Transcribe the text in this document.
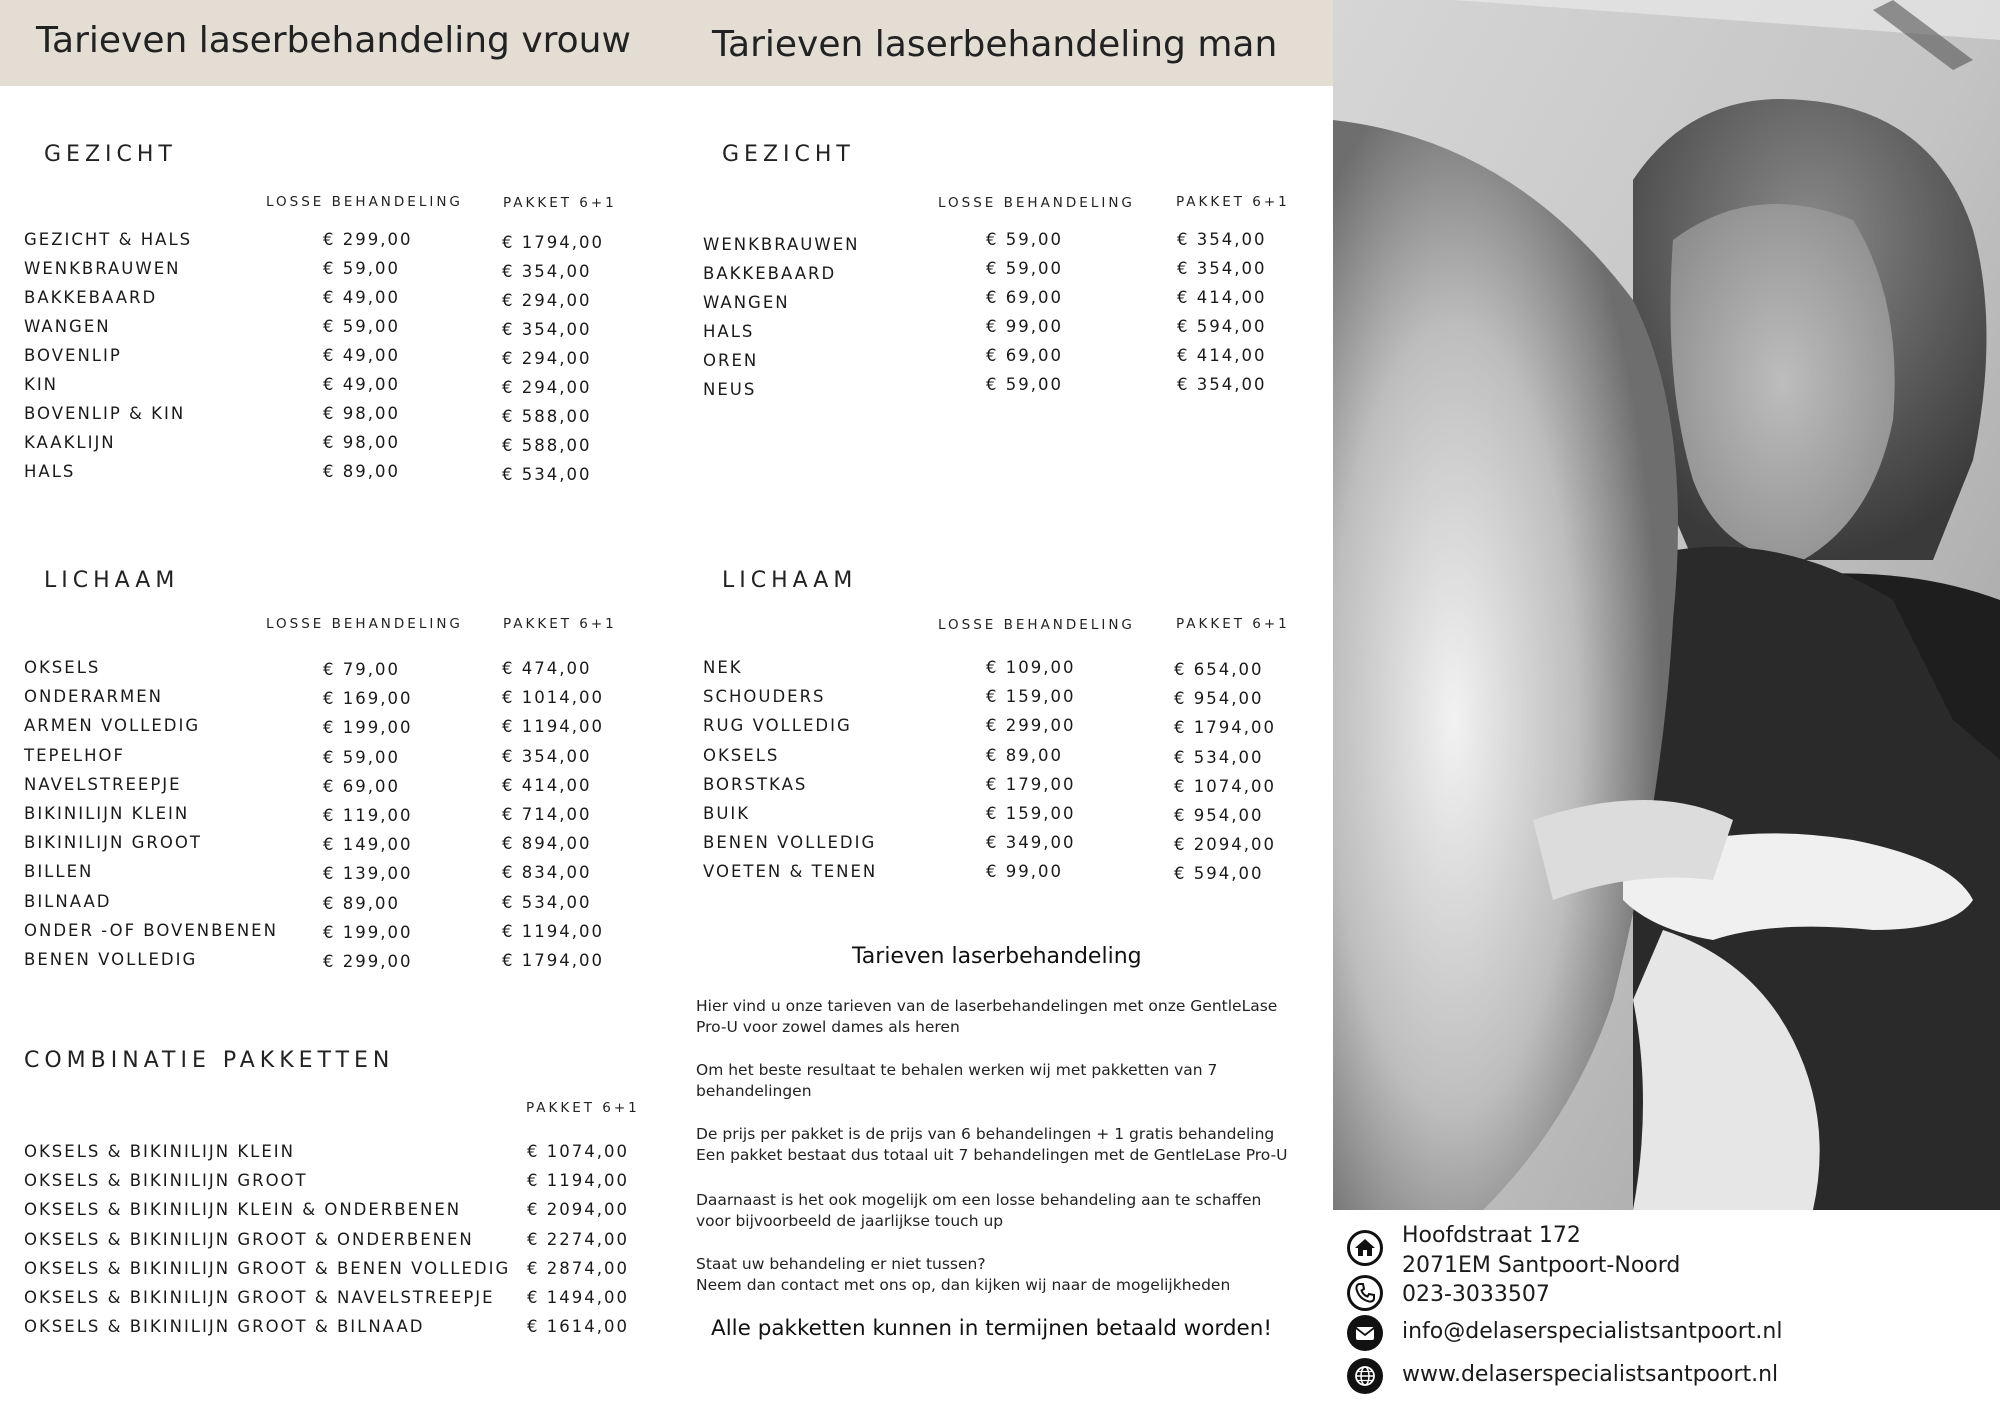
Tarieven laserbehandeling vrouw Tarieven laserbehandeling man
GEZICHT
LOSSE BEHANDELING	PAKKET 6+1
GEZICHT & HALS	€ 299,00	€ 1794,00
WENKBRAUWEN	€ 59,00	€ 354,00
BAKKEBAARD	€ 49,00	€ 294,00
WANGEN	€ 59,00	€ 354,00
BOVENLIP	€ 49,00	€ 294,00
KIN	€ 49,00	€ 294,00
BOVENLIP & KIN	€ 98,00	€ 588,00
KAAKLIJN	€ 98,00	€ 588,00
HALS	€ 89,00	€ 534,00
LICHAAM
LOSSE BEHANDELING	PAKKET 6+1
OKSELS	€ 79,00	€ 474,00
ONDERARMEN	€ 169,00	€ 1014,00
ARMEN VOLLEDIG	€ 199,00	€ 1194,00
TEPELHOF	€ 59,00	€ 354,00
NAVELSTREEPJE	€ 69,00	€ 414,00
BIKINILIJN KLEIN	€ 119,00	€ 714,00
BIKINILIJN GROOT	€ 149,00	€ 894,00
BILLEN	€ 139,00	€ 834,00
BILNAAD	€ 89,00	€ 534,00
ONDER -OF BOVENBENEN	€ 199,00	€ 1194,00
BENEN VOLLEDIG	€ 299,00	€ 1794,00
COMBINATIE PAKKETTEN
PAKKET 6+1
OKSELS & BIKINILIJN KLEIN	€ 1074,00
OKSELS & BIKINILIJN GROOT	€ 1194,00
OKSELS & BIKINILIJN KLEIN & ONDERBENEN	€ 2094,00
OKSELS & BIKINILIJN GROOT & ONDERBENEN	€ 2274,00
OKSELS & BIKINILIJN GROOT & BENEN VOLLEDIG € 2874,00
OKSELS & BIKINILIJN GROOT & NAVELSTREEPJE € 1494,00
OKSELS & BIKINILIJN GROOT & BILNAAD	€ 1614,00
GEZICHT
LOSSE BEHANDELING	PAKKET 6+1
WENKBRAUWEN	€ 59,00	€ 354,00
BAKKEBAARD	€ 59,00	€ 354,00
WANGEN	€ 69,00	€ 414,00
HALS	€ 99,00	€ 594,00
OREN	€ 69,00	€ 414,00
NEUS	€ 59,00	€ 354,00
LICHAAM
LOSSE BEHANDELING	PAKKET 6+1
NEK	€ 109,00	€ 654,00
SCHOUDERS	€ 159,00	€ 954,00
RUG VOLLEDIG	€ 299,00	€ 1794,00
OKSELS	€ 89,00	€ 534,00
BORSTKAS	€ 179,00	€ 1074,00
BUIK	€ 159,00	€ 954,00
BENEN VOLLEDIG	€ 349,00	€ 2094,00
VOETEN & TENEN	€ 99,00	€ 594,00
Tarieven laserbehandeling
Hier vind u onze tarieven van de laserbehandelingen met onze GentleLase Pro-U voor zowel dames als heren
Om het beste resultaat te behalen werken wij met pakketten van 7 behandelingen
De prijs per pakket is de prijs van 6 behandelingen + 1 gratis behandeling
Een pakket bestaat dus totaal uit 7 behandelingen met de GentleLase Pro-U
Daarnaast is het ook mogelijk om een losse behandeling aan te schaffen voor bijvoorbeeld de jaarlijkse touch up
Staat uw behandeling er niet tussen?
Neem dan contact met ons op, dan kijken wij naar de mogelijkheden
Alle pakketten kunnen in termijnen betaald worden!
Hoofdstraat 172
2071EM Santpoort-Noord
023-3033507
info@delaserspecialistsantpoort.nl
www.delaserspecialistsantpoort.nl
